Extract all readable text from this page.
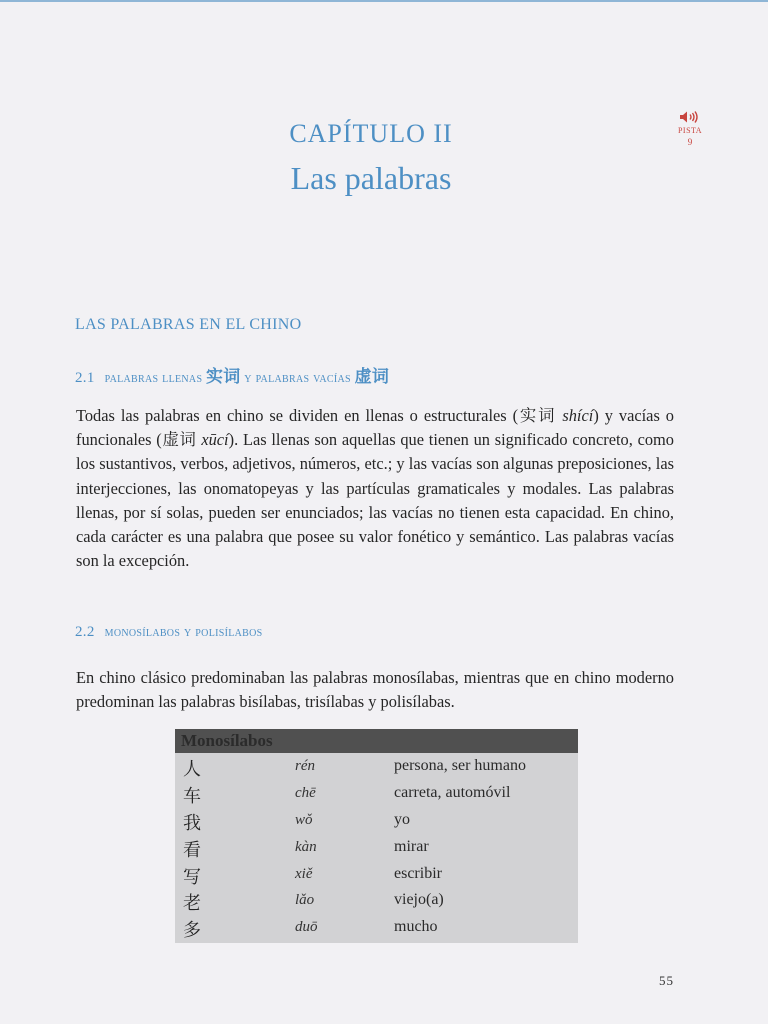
PISTA
9
CAPÍTULO II
Las palabras
LAS PALABRAS EN EL CHINO
2.1 palabras llenas 实词 y palabras vacías 虚词

Todas las palabras en chino se dividen en llenas o estructurales (实词 shící) y vacías o funcionales (虚词 xūcí). Las llenas son aquellas que tienen un significado concreto, como los sustantivos, verbos, adjetivos, números, etc.; y las vacías son algunas preposiciones, las interjecciones, las onomatopeyas y las partículas gramaticales y modales. Las palabras llenas, por sí solas, pueden ser enunciados; las vacías no tienen esta capacidad. En chino, cada carácter es una palabra que posee su valor fonético y semántico. Las palabras vacías son la excepción.

2.2 monosílabos y polisílabos

En chino clásico predominaban las palabras monosílabas, mientras que en chino moderno predominan las palabras bisílabas, trisílabas y polisílabas.

Monosílabos
人	rén	persona, ser humano
车	chē	carreta, automóvil
我	wǒ	yo
看	kàn	mirar
写	xiě	escribir
老	lǎo	viejo(a)
多	duō	mucho
55
